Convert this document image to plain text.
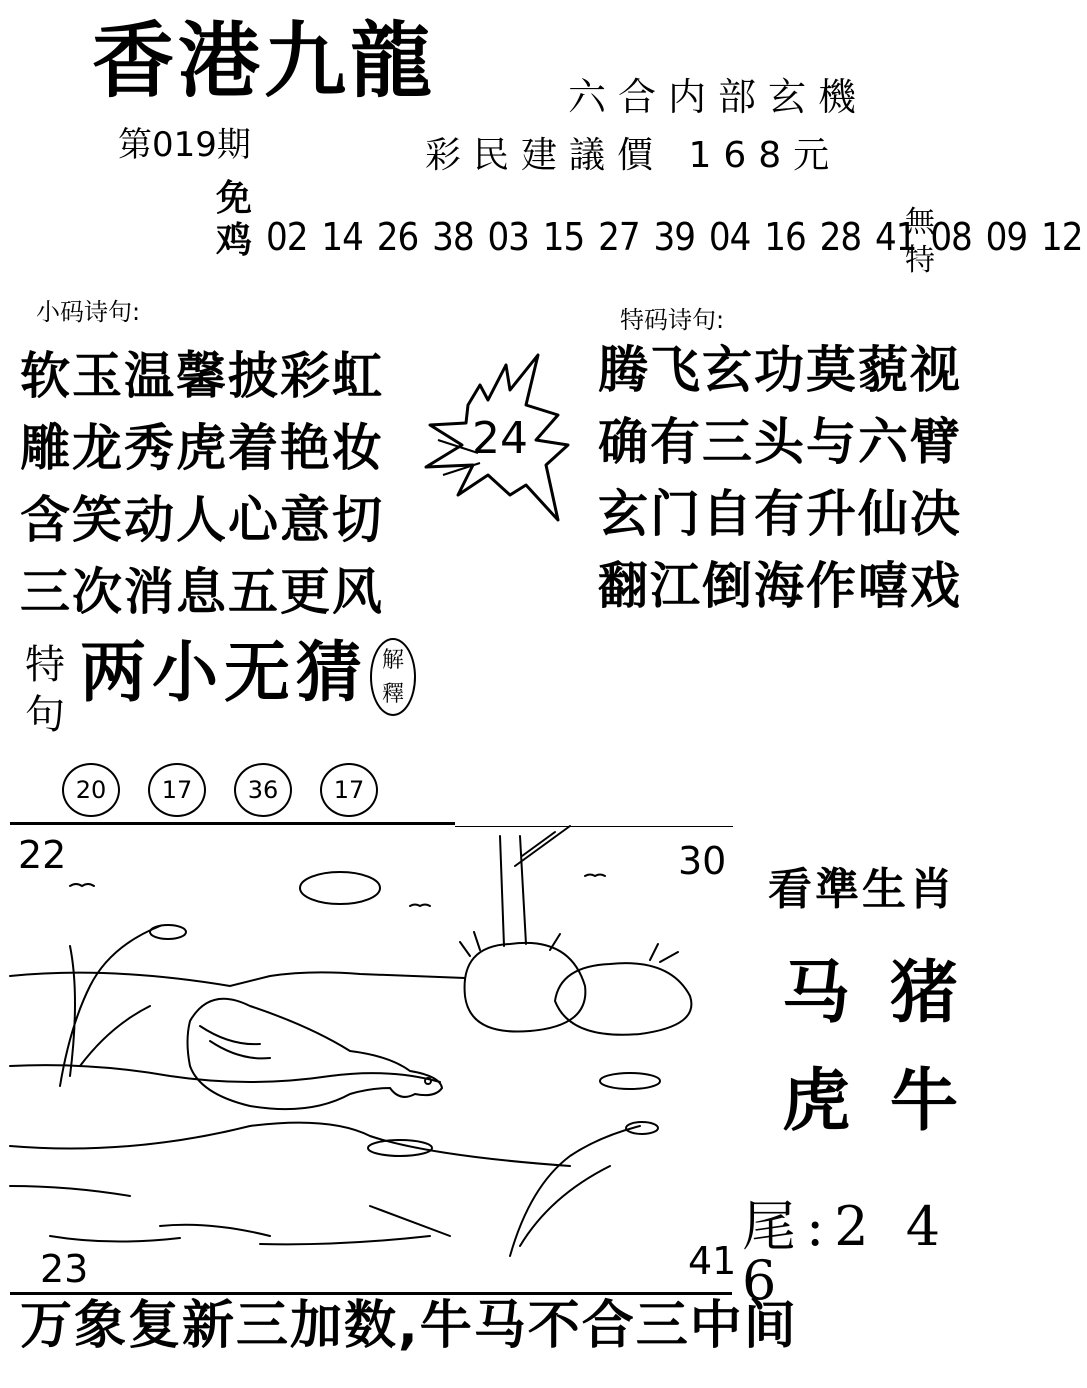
香港九龍	六合内部玄機
第019期	彩民建議價 168元
免
鸡 02 14 26 38 03 15 27 39 04 16 28 41 08 09 12
無
特
小码诗句:
软玉温馨披彩虹
雕龙秀虎着艳妆
含笑动人心意切
三次消息五更风
24
特码诗句:
腾飞玄功莫藐视
确有三头与六臂
玄门自有升仙决
翻江倒海作嘻戏
特
句
两小无猜 解
釋
20	17	36	17
22	30
23	41
看準生肖
马 猪
虎 牛
尾:2 4 6
万象复新三加数,牛马不合三中间
